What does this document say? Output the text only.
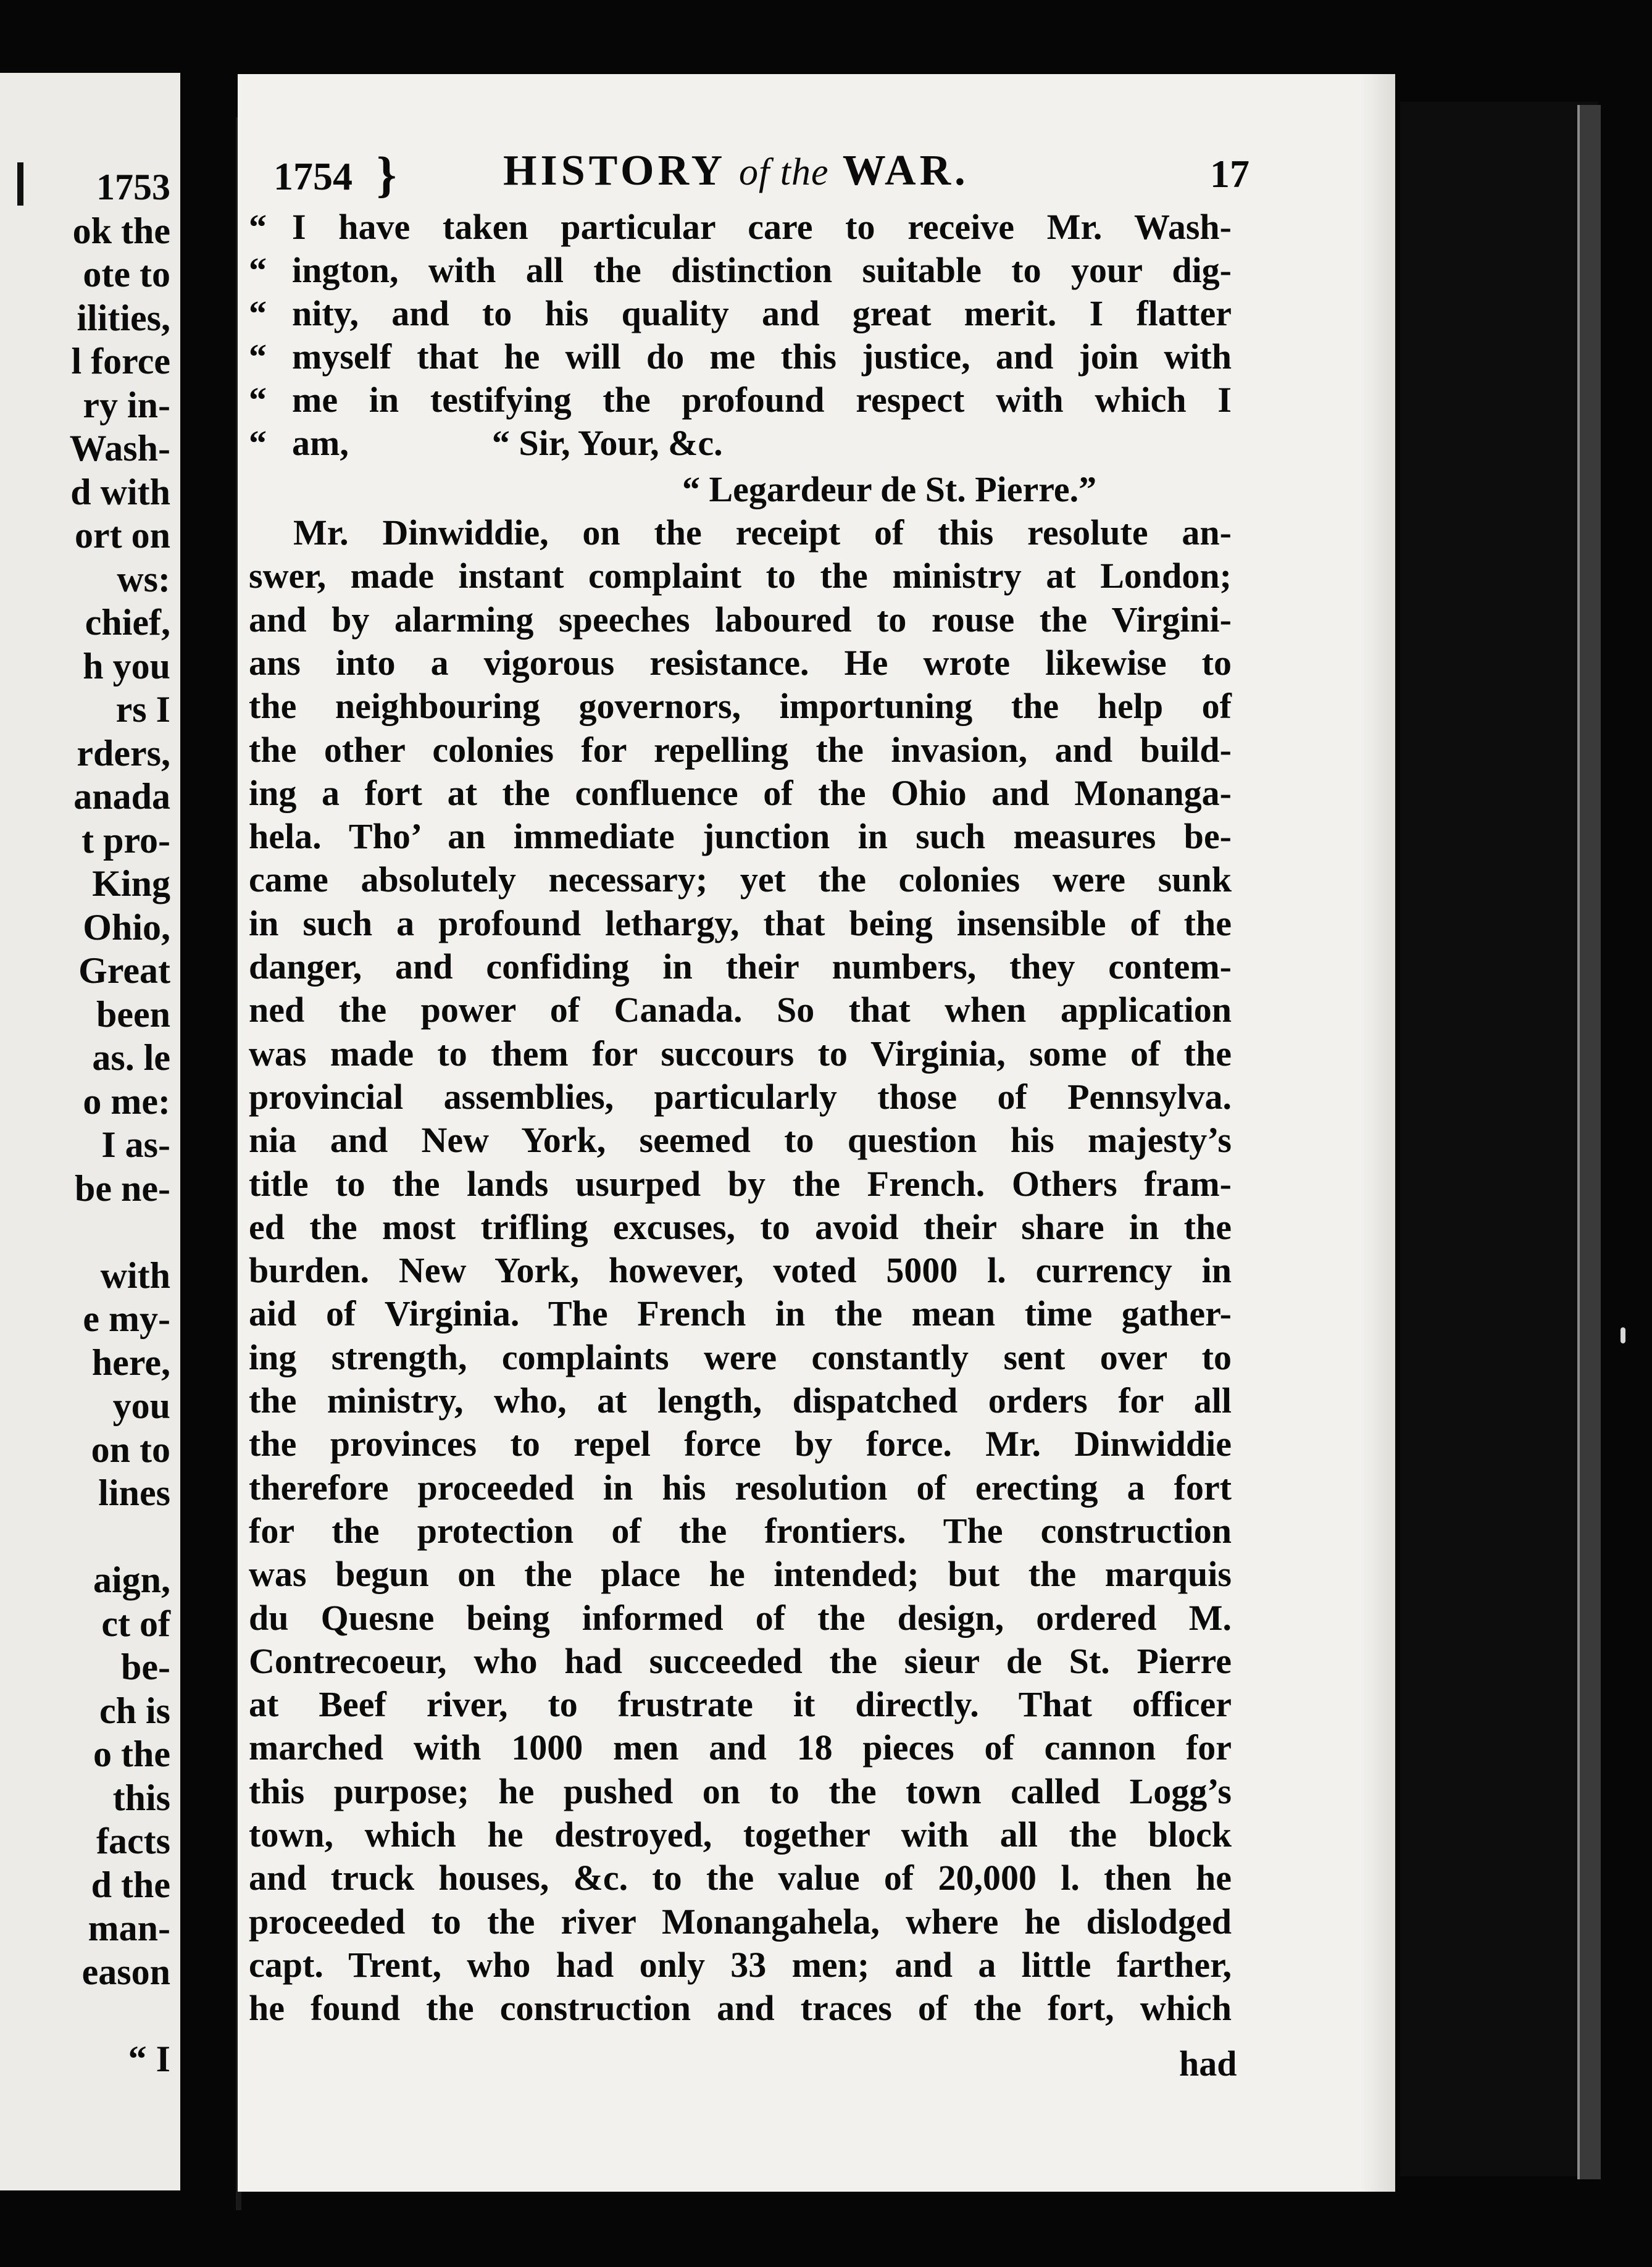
1753
ok the
ote to
ilities,
l force
ry in-
Wash-
d with
ort on
ws:
chief,
h you
rs I
rders,
anada
t pro-
King
Ohio,
Great
been
as. le
o me:
I as-
be ne-
with
e my-
here,
you
on to
lines
aign,
ct of
be-
ch is
o the
this
facts
d the
man-
eason
“ I
1754 } HISTORY of the WAR.	17
“ I have taken particular care to receive Mr. Wash-
“ ington, with all the distinction suitable to your dig-
“ nity, and to his quality and great merit. I flatter
“ myself that he will do me this justice, and join with
“ me in testifying the profound respect with which I
“ am,    “ Sir, Your, &c.
“ Legardeur de St. Pierre.”
Mr. Dinwiddie, on the receipt of this resolute an-
swer, made instant complaint to the ministry at London;
and by alarming speeches laboured to rouse the Virgini-
ans into a vigorous resistance. He wrote likewise to
the neighbouring governors, importuning the help of
the other colonies for repelling the invasion, and build-
ing a fort at the confluence of the Ohio and Monanga-
hela. Tho’ an immediate junction in such measures be-
came absolutely necessary; yet the colonies were sunk
in such a profound lethargy, that being insensible of the
danger, and confiding in their numbers, they contem-
ned the power of Canada. So that when application
was made to them for succours to Virginia, some of the
provincial assemblies, particularly those of Pennsylva.
nia and New York, seemed to question his majesty’s
title to the lands usurped by the French. Others fram-
ed the most trifling excuses, to avoid their share in the
burden. New York, however, voted 5000 l. currency in
aid of Virginia. The French in the mean time gather-
ing strength, complaints were constantly sent over to
the ministry, who, at length, dispatched orders for all
the provinces to repel force by force. Mr. Dinwiddie
therefore proceeded in his resolution of erecting a fort
for the protection of the frontiers. The construction
was begun on the place he intended; but the marquis
du Quesne being informed of the design, ordered M.
Contrecoeur, who had succeeded the sieur de St. Pierre
at Beef river, to frustrate it directly. That officer
marched with 1000 men and 18 pieces of cannon for
this purpose; he pushed on to the town called Logg’s
town, which he destroyed, together with all the block
and truck houses, &c. to the value of 20,000 l. then he
proceeded to the river Monangahela, where he dislodged
capt. Trent, who had only 33 men; and a little farther,
he found the construction and traces of the fort, which
had
